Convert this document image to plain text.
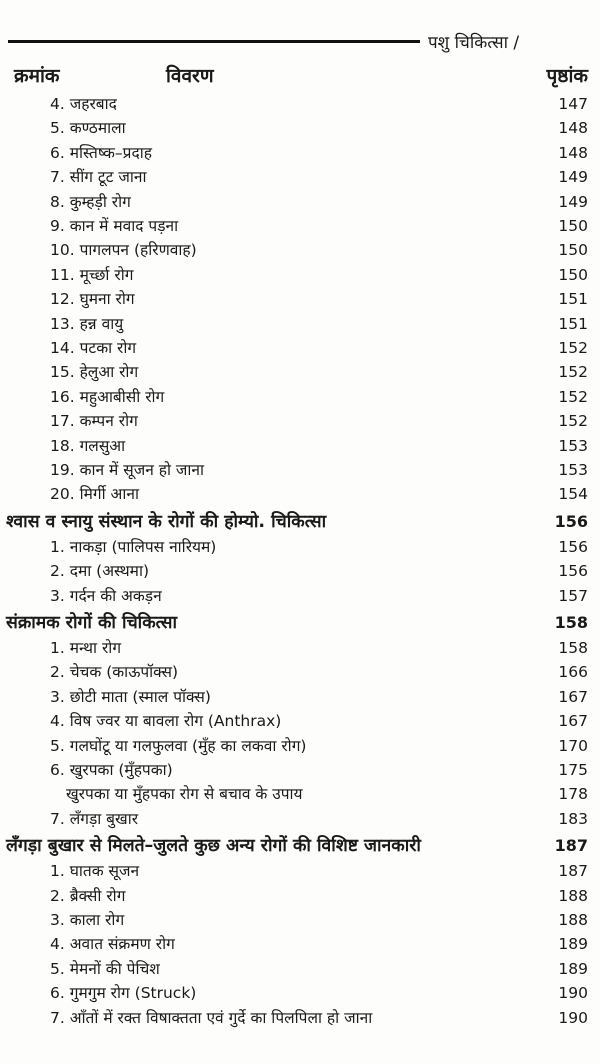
पशु चिकित्सा /
क्रमांक	विवरण	पृष्ठांक
4. जहरबाद	147
5. कण्ठमाला	148
6. मस्तिष्क–प्रदाह	148
7. सींग टूट जाना	149
8. कुम्हड़ी रोग	149
9. कान में मवाद पड़ना	150
10. पागलपन (हरिणवाह)	150
11. मूर्च्छा रोग	150
12. घुमना रोग	151
13. हन्न वायु	151
14. पटका रोग	152
15. हेलुआ रोग	152
16. महुआबीसी रोग	152
17. कम्पन रोग	152
18. गलसुआ	153
19. कान में सूजन हो जाना	153
20. मिर्गी आना	154
श्वास व स्नायु संस्थान के रोगों की होम्यो. चिकित्सा	156
1. नाकड़ा (पालिपस नारियम)	156
2. दमा (अस्थमा)	156
3. गर्दन की अकड़न	157
संक्रामक रोगों की चिकित्सा	158
1. मन्था रोग	158
2. चेचक (काऊपॉक्स)	166
3. छोटी माता (स्माल पॉक्स)	167
4. विष ज्वर या बावला रोग (Anthrax)	167
5. गलघोंटू या गलफुलवा (मुँह का लकवा रोग)	170
6. खुरपका (मुँहपका)	175
खुरपका या मुँहपका रोग से बचाव के उपाय	178
7. लँगड़ा बुखार	183
लँगड़ा बुखार से मिलते–जुलते कुछ अन्य रोगों की विशिष्ट जानकारी	187
1. घातक सूजन	187
2. ब्रैक्सी रोग	188
3. काला रोग	188
4. अवात संक्रमण रोग	189
5. मेमनों की पेचिश	189
6. गुमगुम रोग (Struck)	190
7. आँतों में रक्त विषाक्तता एवं गुर्दे का पिलपिला हो जाना	190
